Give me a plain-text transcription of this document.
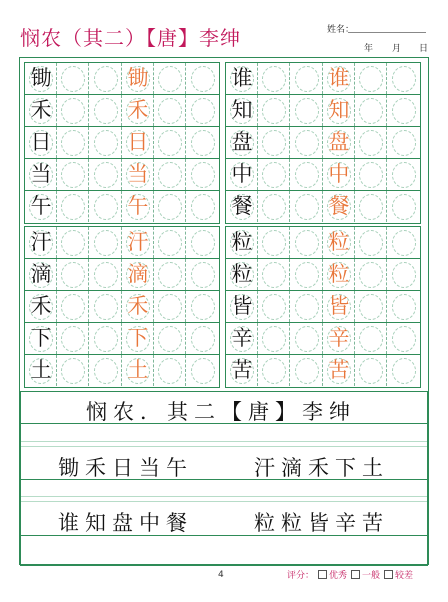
悯农（其二）【唐】李绅	姓名：
年 月 日
锄	锄
禾	禾
日	日
当	当
午	午
谁	谁
知	知
盘	盘
中	中
餐	餐
汗	汗
滴	滴
禾	禾
下	下
土	土
粒	粒
粒	粒
皆	皆
辛	辛
苦	苦
悯农．其二【唐】李绅
锄禾日当午	汗滴禾下土
谁知盘中餐	粒粒皆辛苦
4	评分： 优秀 一般 较差
